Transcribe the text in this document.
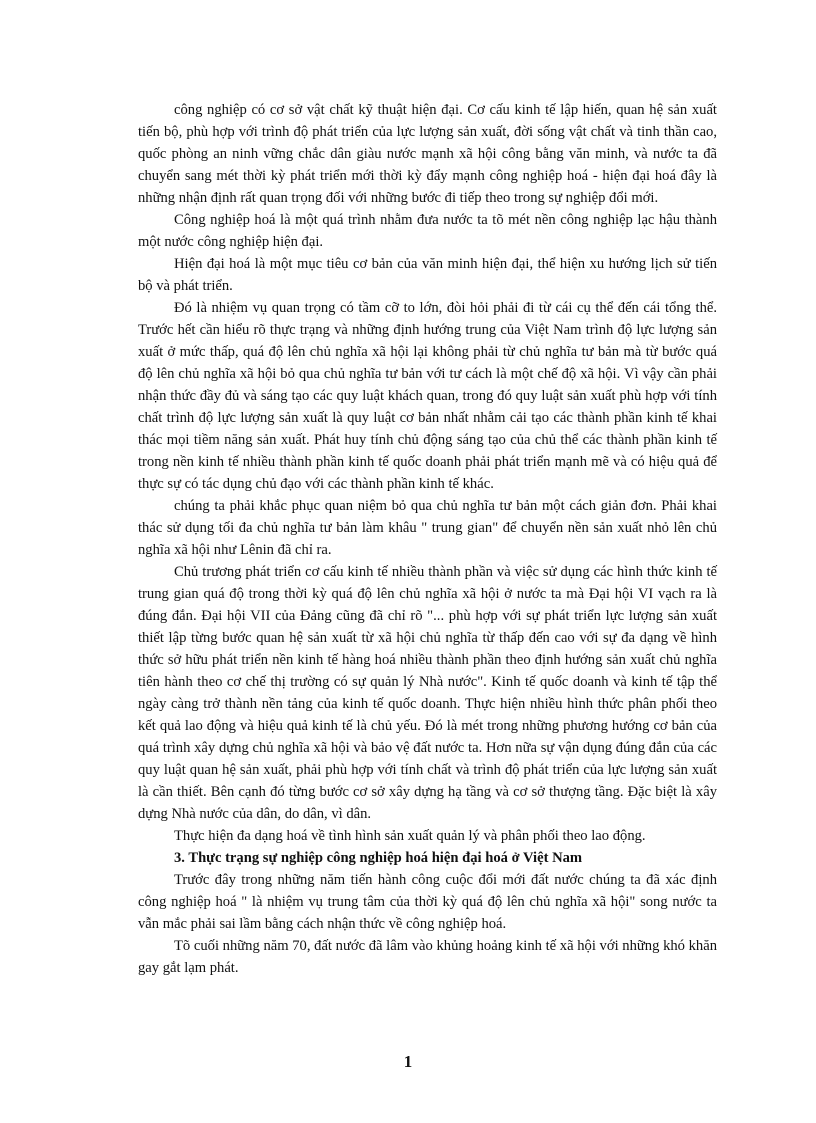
công nghiệp có cơ sở vật chất kỹ thuật hiện đại. Cơ cấu kinh tế lập hiến, quan hệ sản xuất tiến bộ, phù hợp với trình độ phát triển của lực lượng sản xuất, đời sống vật chất và tinh thần cao, quốc phòng an ninh vững chắc dân giàu nước mạnh xã hội công bằng văn minh, và nước ta đã chuyển sang mét thời kỳ phát triển mới thời kỳ đẩy mạnh công nghiệp hoá - hiện đại hoá đây là những nhận định rất quan trọng đối với những bước đi tiếp theo trong sự nghiệp đổi mới.

Công nghiệp hoá là một quá trình nhằm đưa nước ta tõ mét nền công nghiệp lạc hậu thành một nước công nghiệp hiện đại.

Hiện đại hoá là một mục tiêu cơ bản của văn minh hiện đại, thể hiện xu hướng lịch sử tiến bộ và phát triển.

Đó là nhiệm vụ quan trọng có tầm cỡ to lớn, đòi hỏi phải đi từ cái cụ thể đến cái tổng thể. Trước hết cần hiểu rõ thực trạng và những định hướng trung của Việt Nam trình độ lực lượng sản xuất ở mức thấp, quá độ lên chủ nghĩa xã hội lại không phải từ chủ nghĩa tư bản mà từ bước quá độ lên chủ nghĩa xã hội bỏ qua chủ nghĩa tư bản với tư cách là một chế độ xã hội. Vì vậy cần phải nhận thức đầy đủ và sáng tạo các quy luật khách quan, trong đó quy luật sản xuất phù hợp với tính chất trình độ lực lượng sản xuất là quy luật cơ bản nhất nhằm cải tạo các thành phần kinh tế khai thác mọi tiềm năng sản xuất. Phát huy tính chủ động sáng tạo của chủ thể các thành phần kinh tế trong nền kinh tế nhiều thành phần kinh tế quốc doanh phải phát triển mạnh mẽ và có hiệu quả để thực sự có tác dụng chủ đạo với các thành phần kinh tế khác.

chúng ta phải khắc phục quan niệm bỏ qua chủ nghĩa tư bản một cách giản đơn. Phải khai thác sử dụng tối đa chủ nghĩa tư bản làm khâu " trung gian" để chuyển nền sản xuất nhỏ lên chủ nghĩa xã hội như Lênin đã chỉ ra.

Chủ trương phát triển cơ cấu kinh tế nhiều thành phần và việc sử dụng các hình thức kinh tế trung gian quá độ trong thời kỳ quá độ lên chủ nghĩa xã hội ở nước ta mà Đại hội VI vạch ra là đúng đắn. Đại hội VII của Đảng cũng đã chỉ rõ "... phù hợp với sự phát triển lực lượng sản xuất thiết lập từng bước quan hệ sản xuất từ xã hội chủ nghĩa từ thấp đến cao với sự đa dạng về hình thức sở hữu phát triển nền kinh tế hàng hoá nhiều thành phần theo định hướng sản xuất chủ nghĩa tiên hành theo cơ chế thị trường có sự quản lý Nhà nước". Kinh tế quốc doanh và kinh tế tập thể ngày càng trở thành nền tảng của kinh tế quốc doanh. Thực hiện nhiều hình thức phân phối theo kết quả lao động và hiệu quả kinh tế là chủ yếu. Đó là mét trong những phương hướng cơ bản của quá trình xây dựng chủ nghĩa xã hội và bảo vệ đất nước ta. Hơn nữa sự vận dụng đúng đắn của các quy luật quan hệ sản xuất, phải phù hợp với tính chất và trình độ phát triển của lực lượng sản xuất là cần thiết. Bên cạnh đó từng bước cơ sở xây dựng hạ tầng và cơ sở thượng tầng. Đặc biệt là xây dựng Nhà nước của dân, do dân, vì dân.

Thực hiện đa dạng hoá về tình hình sản xuất quản lý và phân phối theo lao động.

3. Thực trạng sự nghiệp công nghiệp hoá hiện đại hoá ở Việt Nam

Trước đây trong những năm tiến hành công cuộc đổi mới đất nước chúng ta đã xác định công nghiệp hoá " là nhiệm vụ trung tâm của thời kỳ quá độ lên chủ nghĩa xã hội" song nước ta vẫn mắc phải sai lầm bằng cách nhận thức về công nghiệp hoá.

Tõ cuối những năm 70, đất nước đã lâm vào khủng hoảng kinh tế xã hội với những khó khăn gay gắt lạm phát.

1
